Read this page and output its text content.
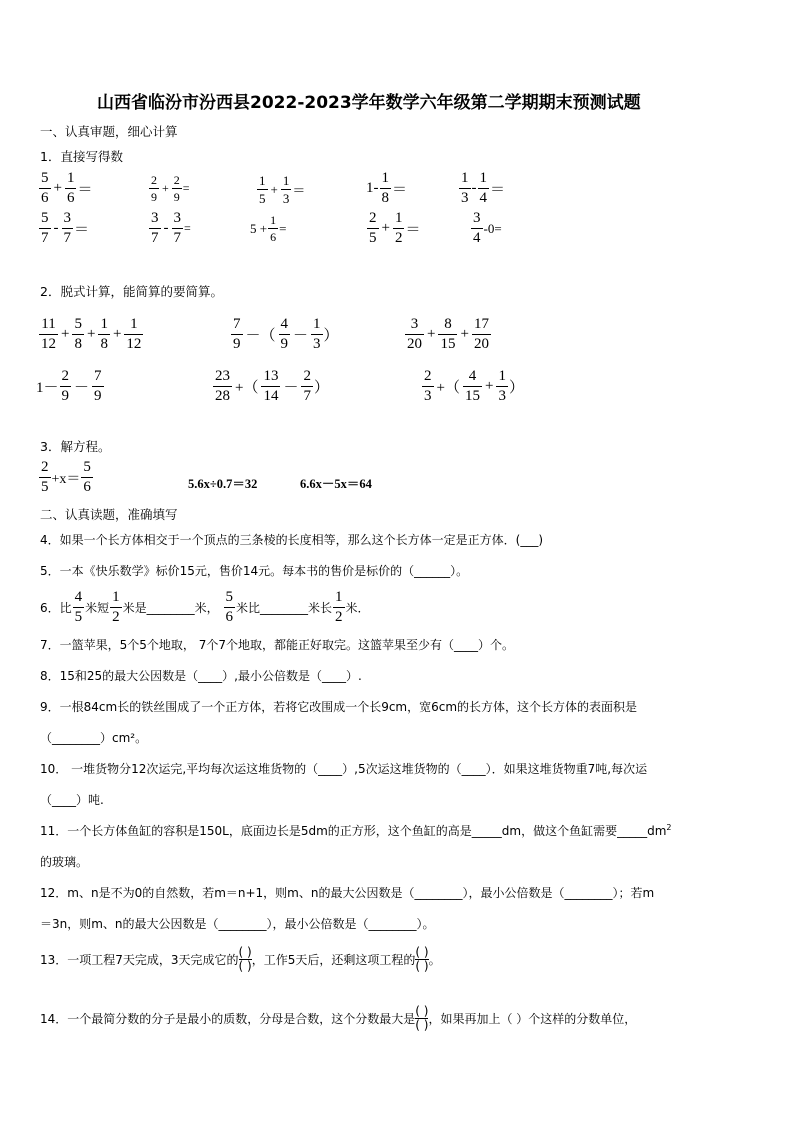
山西省临汾市汾西县2022-2023学年数学六年级第二学期期末预测试题
一、认真审题，细心计算
1．直接写得数
$\frac{5}{6} + \frac{1}{6}$ ＝	$\frac{2}{9} + \frac{2}{9}$ =	$\frac{1}{5} + \frac{1}{3}$ ＝	$1- \frac{1}{8}$ ＝	$\frac{1}{3} - \frac{1}{4}$ ＝
$\frac{5}{7} - \frac{3}{7}$ ＝	$\frac{3}{7} - \frac{3}{7}$ =	$5 + \frac{1}{6}$ =	$\frac{2}{5} + \frac{1}{2}$ ＝	$\frac{3}{4} -0=$
2．脱式计算，能简算的要简算。
$\frac{11}{12} + \frac{5}{8} + \frac{1}{8} + \frac{1}{12}$	$\frac{7}{9}$ －（ $\frac{4}{9} - \frac{1}{3}$ ）	$\frac{3}{20} + \frac{8}{15} + \frac{17}{20}$
$1- \frac{2}{9} - \frac{7}{9}$	$\frac{23}{28}$ +（ $\frac{13}{14} - \frac{2}{7}$ ）	$\frac{2}{3}$ +（ $\frac{4}{15} + \frac{1}{3}$ ）
3．解方程。
$\frac{2}{5} +x= \frac{5}{6}$	5.6x÷0.7＝32	6.6x－5x＝64
二、认真读题，准确填写
4．如果一个长方体相交于一个顶点的三条棱的长度相等，那么这个长方体一定是正方体．(___)
5．一本《快乐数学》标价15元，售价14元。每本书的售价是标价的（______）。
6．比 $\frac{4}{5}$ 米短 $\frac{1}{2}$ 米是________米，
$\frac{5}{6}$ 米比________米长 $\frac{1}{2}$ 米．
7．一篮苹果，5个5个地取， 7个7个地取，都能正好取完。这篮苹果至少有（____）个。
8．15和25的最大公因数是（____）,最小公倍数是（____）.
9．一根84cm长的铁丝围成了一个正方体，若将它改围成一个长9cm，宽6cm的长方体，这个长方体的表面积是
（________）cm²。
10． 一堆货物分12次运完,平均每次运这堆货物的（____）,5次运这堆货物的（____）．如果这堆货物重7吨,每次运
（____）吨.
11．一个长方体鱼缸的容积是150L，底面边长是5dm的正方形，这个鱼缸的高是_____dm，做这个鱼缸需要$\_\_\_\_\_dm^2$
的玻璃。
12．m、n是不为0的自然数，若m＝n+1，则m、n的最大公因数是（________），最小公倍数是（________）；若m
＝3n，则m、n的最大公因数是（________），最小公倍数是（________）。
13．一项工程7天完成，3天完成它的 $\frac{( )}{( )}$ ，工作5天后，还剩这项工程的 $\frac{( )}{( )}$ 。
14．一个最简分数的分子是最小的质数，分母是合数，这个分数最大是 $\frac{( )}{( )}$ ，如果再加上（ ）个这样的分数单位，
